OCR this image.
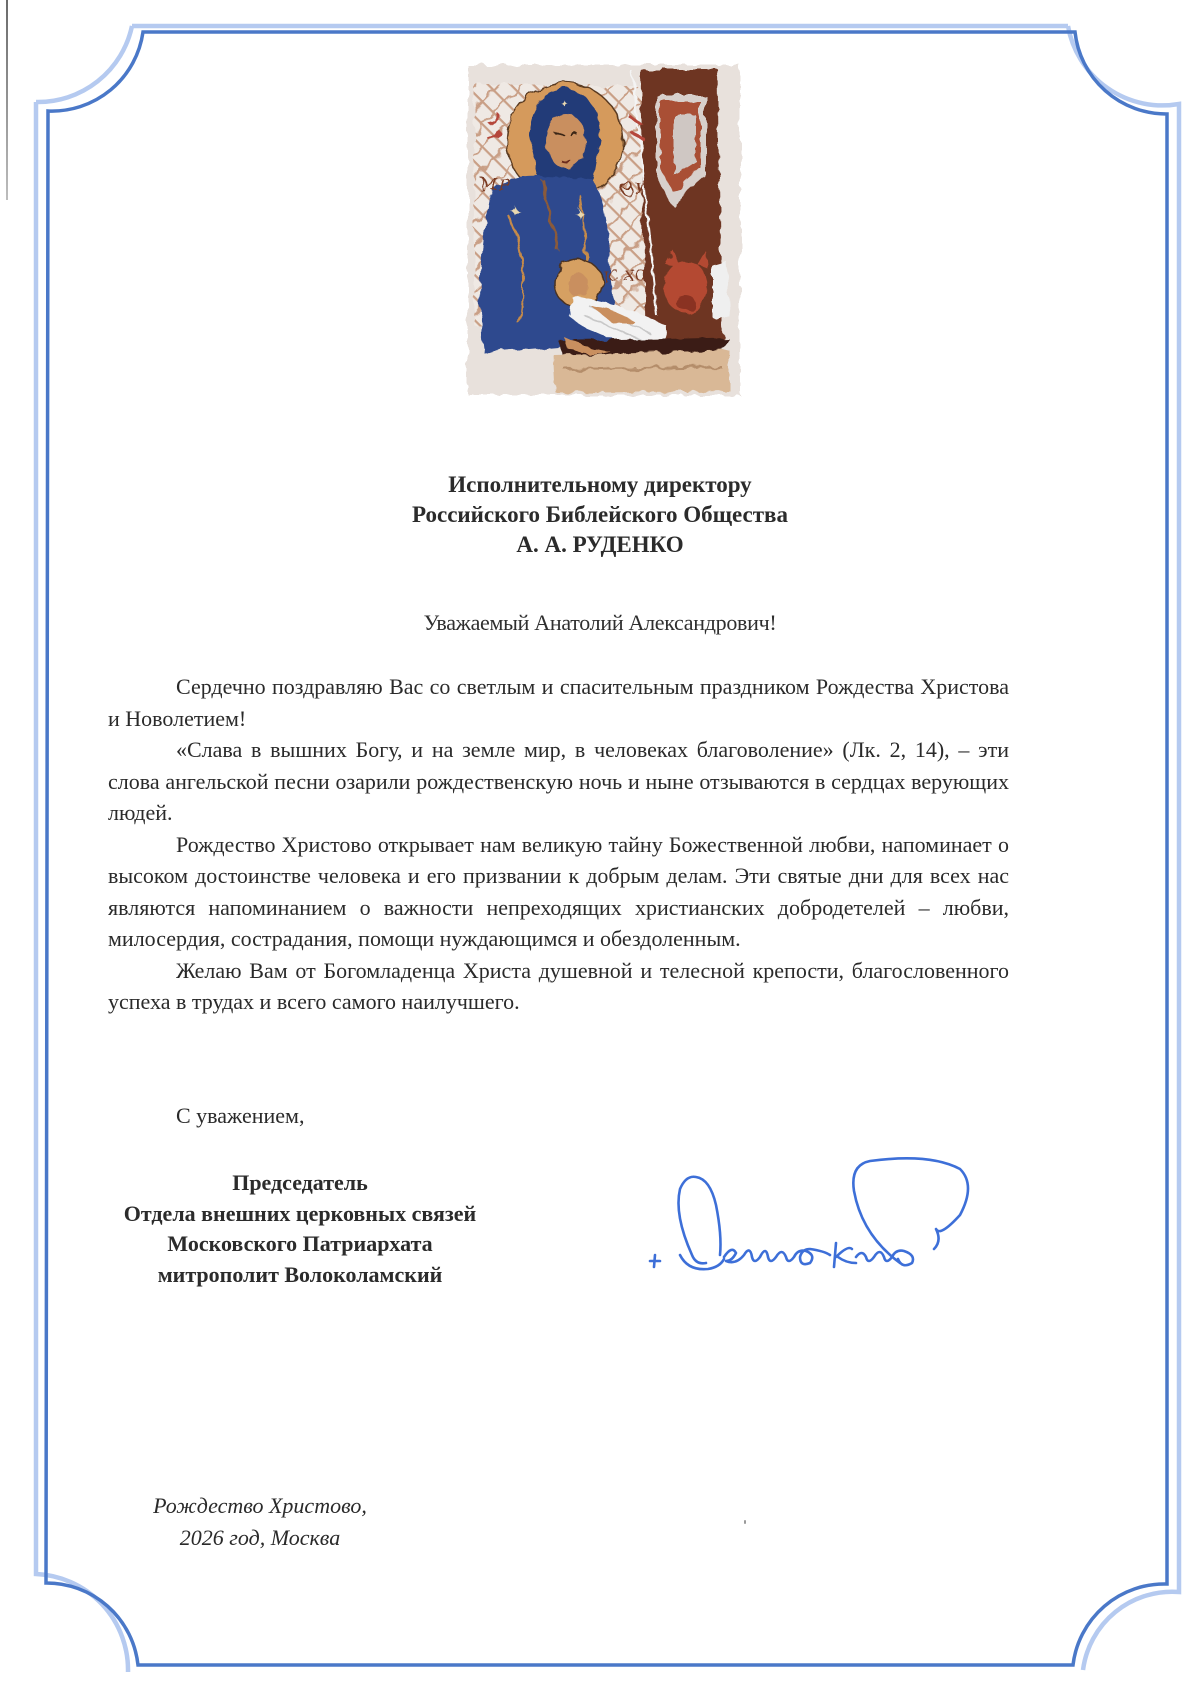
✦	✦
✦
МР	ѲУ
ІС ХС
Исполнительному директору
Российского Библейского Общества
А. А. РУДЕНКО
Уважаемый Анатолий Александрович!

Сердечно поздравляю Вас со светлым и спасительным праздником Рождества Христова и Новолетием!

«Слава в вышних Богу, и на земле мир, в человеках благоволение» (Лк. 2, 14), – эти слова ангельской песни озарили рождественскую ночь и ныне отзываются в сердцах верующих людей.

Рождество Христово открывает нам великую тайну Божественной любви, напоминает о высоком достоинстве человека и его призвании к добрым делам. Эти святые дни для всех нас являются напоминанием о важности непреходящих христианских добродетелей – любви, милосердия, сострадания, помощи нуждающимся и обездоленным.

Желаю Вам от Богомладенца Христа душевной и телесной крепости, благословенного успеха в трудах и всего самого наилучшего.

С уважением,
Председатель
Отдела внешних церковных связей
Московского Патриархата
митрополит Волоколамский
Рождество Христово,
2026 год, Москва
